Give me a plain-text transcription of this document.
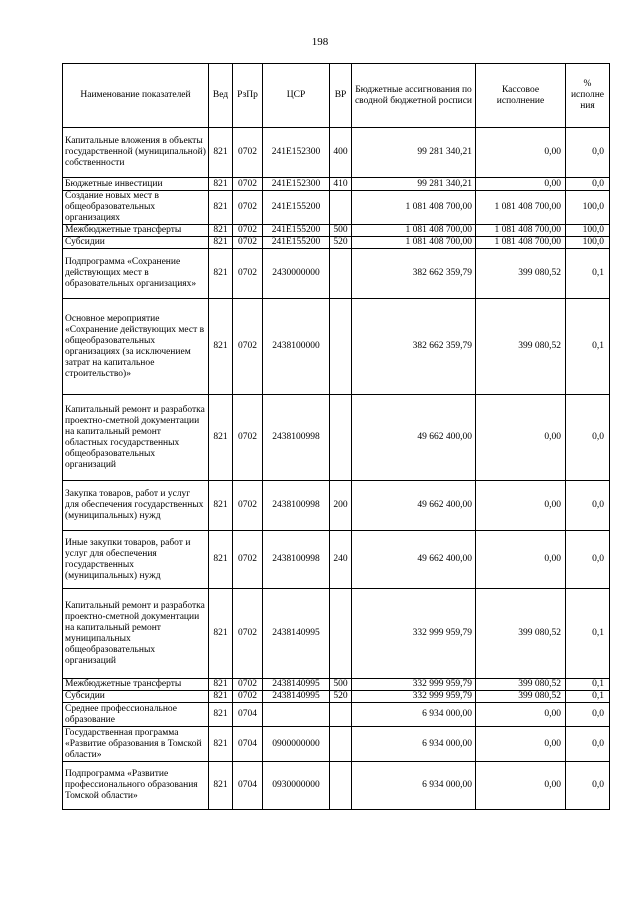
198
Наименование показателей	Вед	РзПр	ЦСР	ВР	Бюджетные ассигнования по сводной бюджетной росписи	Кассовое исполнение	% исполне ния
Капитальные вложения в объекты государственной (муниципальной) собственности	821	0702	241E152300	400	99 281 340,21	0,00	0,0
Бюджетные инвестиции	821	0702	241E152300	410	99 281 340,21	0,00	0,0
Создание новых мест в общеобразовательных организациях	821	0702	241E155200		1 081 408 700,00	1 081 408 700,00	100,0
Межбюджетные трансферты	821	0702	241E155200	500	1 081 408 700,00	1 081 408 700,00	100,0
Субсидии	821	0702	241E155200	520	1 081 408 700,00	1 081 408 700,00	100,0
Подпрограмма «Сохранение действующих мест в образовательных организациях»	821	0702	2430000000		382 662 359,79	399 080,52	0,1
Основное мероприятие «Сохранение действующих мест в общеобразовательных организациях (за исключением затрат на капитальное строительство)»	821	0702	2438100000		382 662 359,79	399 080,52	0,1
Капитальный ремонт и разработка проектно-сметной документации на капитальный ремонт областных государственных общеобразовательных организаций	821	0702	2438100998		49 662 400,00	0,00	0,0
Закупка товаров, работ и услуг для обеспечения государственных (муниципальных) нужд	821	0702	2438100998	200	49 662 400,00	0,00	0,0
Иные закупки товаров, работ и услуг для обеспечения государственных (муниципальных) нужд	821	0702	2438100998	240	49 662 400,00	0,00	0,0
Капитальный ремонт и разработка проектно-сметной документации на капитальный ремонт муниципальных общеобразовательных организаций	821	0702	2438140995		332 999 959,79	399 080,52	0,1
Межбюджетные трансферты	821	0702	2438140995	500	332 999 959,79	399 080,52	0,1
Субсидии	821	0702	2438140995	520	332 999 959,79	399 080,52	0,1
Среднее профессиональное образование	821	0704			6 934 000,00	0,00	0,0
Государственная программа «Развитие образования в Томской области»	821	0704	0900000000		6 934 000,00	0,00	0,0
Подпрограмма «Развитие профессионального образования Томской области»	821	0704	0930000000		6 934 000,00	0,00	0,0
